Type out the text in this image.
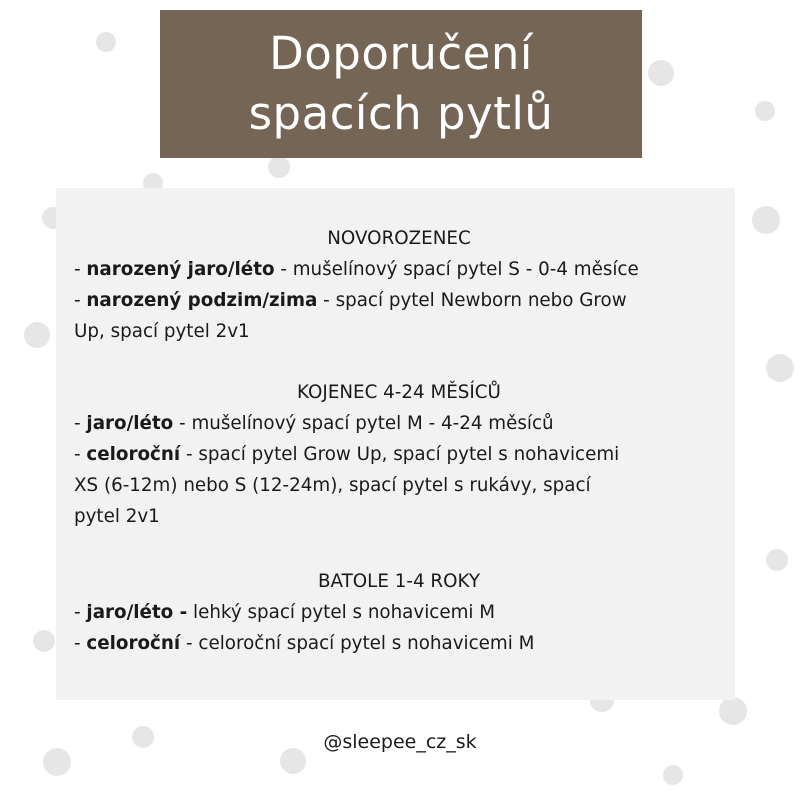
Doporučení
spacích pytlů
NOVOROZENEC
- narozený jaro/léto - mušelínový spací pytel S - 0-4 měsíce
- narozený podzim/zima - spací pytel Newborn nebo Grow
Up, spací pytel 2v1
KOJENEC 4-24 MĚSÍCŮ
- jaro/léto - mušelínový spací pytel M - 4-24 měsíců
- celoroční - spací pytel Grow Up, spací pytel s nohavicemi
XS (6-12m) nebo S (12-24m), spací pytel s rukávy, spací
pytel 2v1
BATOLE 1-4 ROKY
- jaro/léto - lehký spací pytel s nohavicemi M
- celoroční - celoroční spací pytel s nohavicemi M
@sleepee_cz_sk
